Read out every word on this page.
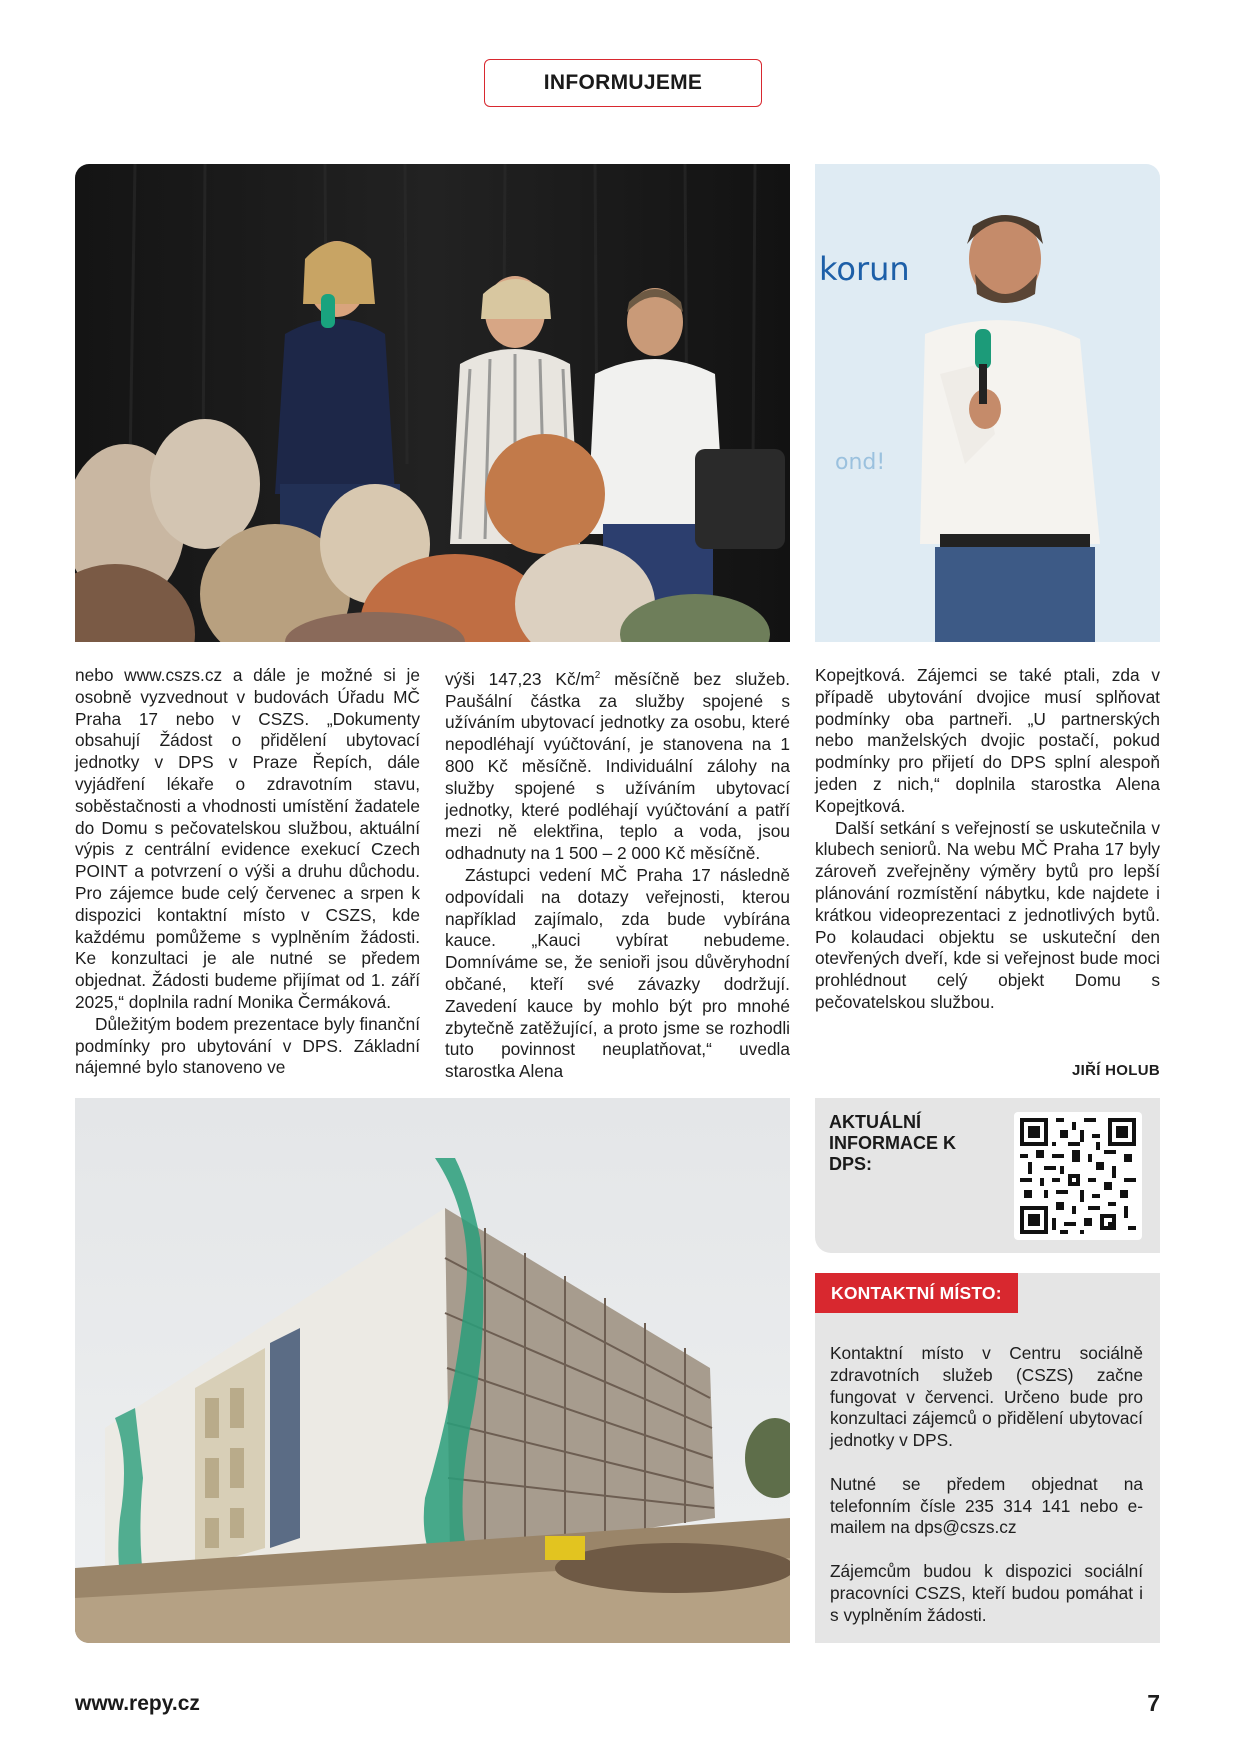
INFORMUJEME
korun
ond!

nebo www.cszs.cz a dále je možné si je osobně vyzvednout v budovách Úřadu MČ Praha 17 nebo v CSZS. „Dokumenty obsahují Žádost o přidělení ubytovací jednotky v DPS v Praze Řepích, dále vyjádření lékaře o zdravotním stavu, soběstačnosti a vhodnosti umístění žadatele do Domu s pečovatelskou službou, aktuální výpis z centrální evidence exekucí Czech POINT a potvrzení o výši a druhu důchodu. Pro zájemce bude celý červenec a srpen k dispozici kontaktní místo v CSZS, kde každému pomůžeme s vyplněním žádosti. Ke konzultaci je ale nutné se předem objednat. Žádosti budeme přijímat od 1. září 2025,“ doplnila radní Monika Čermáková.

Důležitým bodem prezentace byly finanční podmínky pro ubytování v DPS. Základní nájemné bylo stanoveno ve

výši 147,23 $Kč/m^2$ měsíčně bez služeb. Paušální částka za služby spojené s užíváním ubytovací jednotky za osobu, které nepodléhají vyúčtování, je stanovena na 1 800 Kč měsíčně. Individuální zálohy na služby spojené s užíváním ubytovací jednotky, které podléhají vyúčtování a patří mezi ně elektřina, teplo a voda, jsou odhadnuty na 1 500 – 2 000 Kč měsíčně.

Zástupci vedení MČ Praha 17 následně odpovídali na dotazy veřejnosti, kterou například zajímalo, zda bude vybírána kauce. „Kauci vybírat nebudeme. Domníváme se, že senioři jsou důvěryhodní občané, kteří své závazky dodržují. Zavedení kauce by mohlo být pro mnohé zbytečně zatěžující, a proto jsme se rozhodli tuto povinnost neuplatňovat,“ uvedla starostka Alena

Kopejtková. Zájemci se také ptali, zda v případě ubytování dvojice musí splňovat podmínky oba partneři. „U partnerských nebo manželských dvojic postačí, pokud podmínky pro přijetí do DPS splní alespoň jeden z nich,“ doplnila starostka Alena Kopejtková.

Další setkání s veřejností se uskutečnila v klubech seniorů. Na webu MČ Praha 17 byly zároveň zveřejněny výměry bytů pro lepší plánování rozmístění nábytku, kde najdete i krátkou videoprezentaci z jednotlivých bytů. Po kolaudaci objektu se uskuteční den otevřených dveří, kde si veřejnost bude moci prohlédnout celý objekt Domu s pečovatelskou službou.

JIŘÍ HOLUB
AKTUÁLNÍ INFORMACE K DPS:
KONTAKTNÍ MÍSTO:

Kontaktní místo v Centru sociálně zdravotních služeb (CSZS) začne fungovat v červenci. Určeno bude pro konzultaci zájemců o přidělení ubytovací jednotky v DPS.

Nutné se předem objednat na telefonním čísle 235 314 141 nebo e-mailem na dps@cszs.cz

Zájemcům budou k dispozici sociální pracovníci CSZS, kteří budou pomáhat i s vyplněním žádosti.

www.repy.cz	7
